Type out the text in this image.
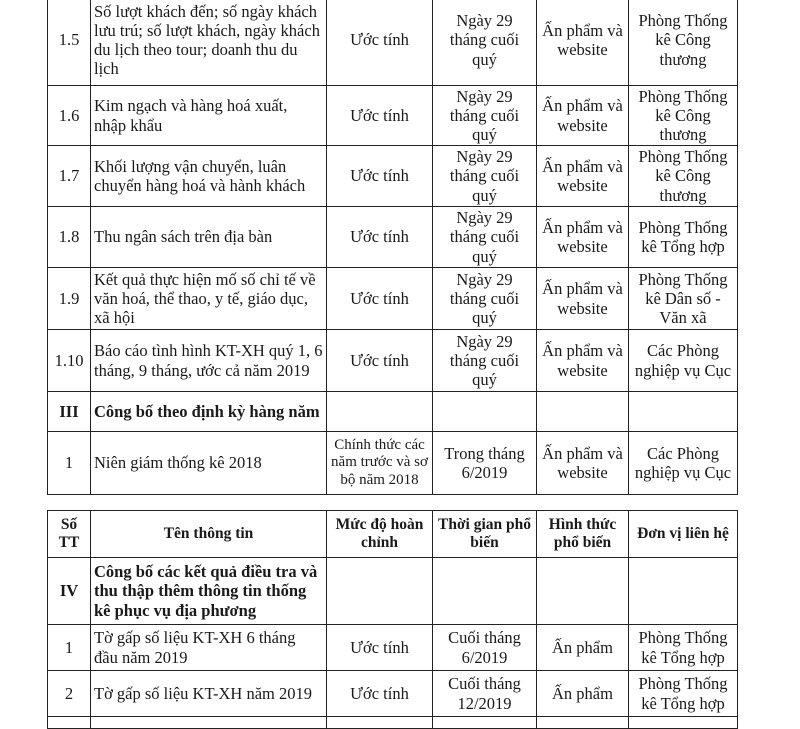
1.5	Số lượt khách đến; số ngày khách lưu trú; số lượt khách, ngày khách du lịch theo tour; doanh thu du lịch	Ước tính	Ngày 29 tháng cuối quý	Ấn phẩm và website	Phòng Thống kê Công thương
1.6	Kim ngạch và hàng hoá xuất, nhập khẩu	Ước tính	Ngày 29 tháng cuối quý	Ấn phẩm và website	Phòng Thống kê Công thương
1.7	Khối lượng vận chuyển, luân chuyển hàng hoá và hành khách	Ước tính	Ngày 29 tháng cuối quý	Ấn phẩm và website	Phòng Thống kê Công thương
1.8	Thu ngân sách trên địa bàn	Ước tính	Ngày 29 tháng cuối quý	Ấn phẩm và website	Phòng Thống kê Tổng hợp
1.9	Kết quả thực hiện mố số chỉ tế về văn hoá, thể thao, y tế, giáo dục, xã hội	Ước tính	Ngày 29 tháng cuối quý	Ấn phẩm và website	Phòng Thống kê Dân số - Văn xã
1.10	Báo cáo tình hình KT-XH quý 1, 6 tháng, 9 tháng, ước cả năm 2019	Ước tính	Ngày 29 tháng cuối quý	Ấn phẩm và website	Các Phòng nghiệp vụ Cục
III	Công bố theo định kỳ hàng năm				
1	Niên giám thống kê 2018	Chính thức các năm trước và sơ bộ năm 2018	Trong tháng 6/2019	Ấn phẩm và website	Các Phòng nghiệp vụ Cục
Số TT	Tên thông tin	Mức độ hoàn chỉnh	Thời gian phổ biến	Hình thức phổ biến	Đơn vị liên hệ
IV	Công bố các kết quả điều tra và thu thập thêm thông tin thống kê phục vụ địa phương				
1	Tờ gấp số liệu KT-XH 6 tháng đầu năm 2019	Ước tính	Cuối tháng 6/2019	Ấn phẩm	Phòng Thống kê Tổng hợp
2	Tờ gấp số liệu KT-XH năm 2019	Ước tính	Cuối tháng 12/2019	Ấn phẩm	Phòng Thống kê Tổng hợp
